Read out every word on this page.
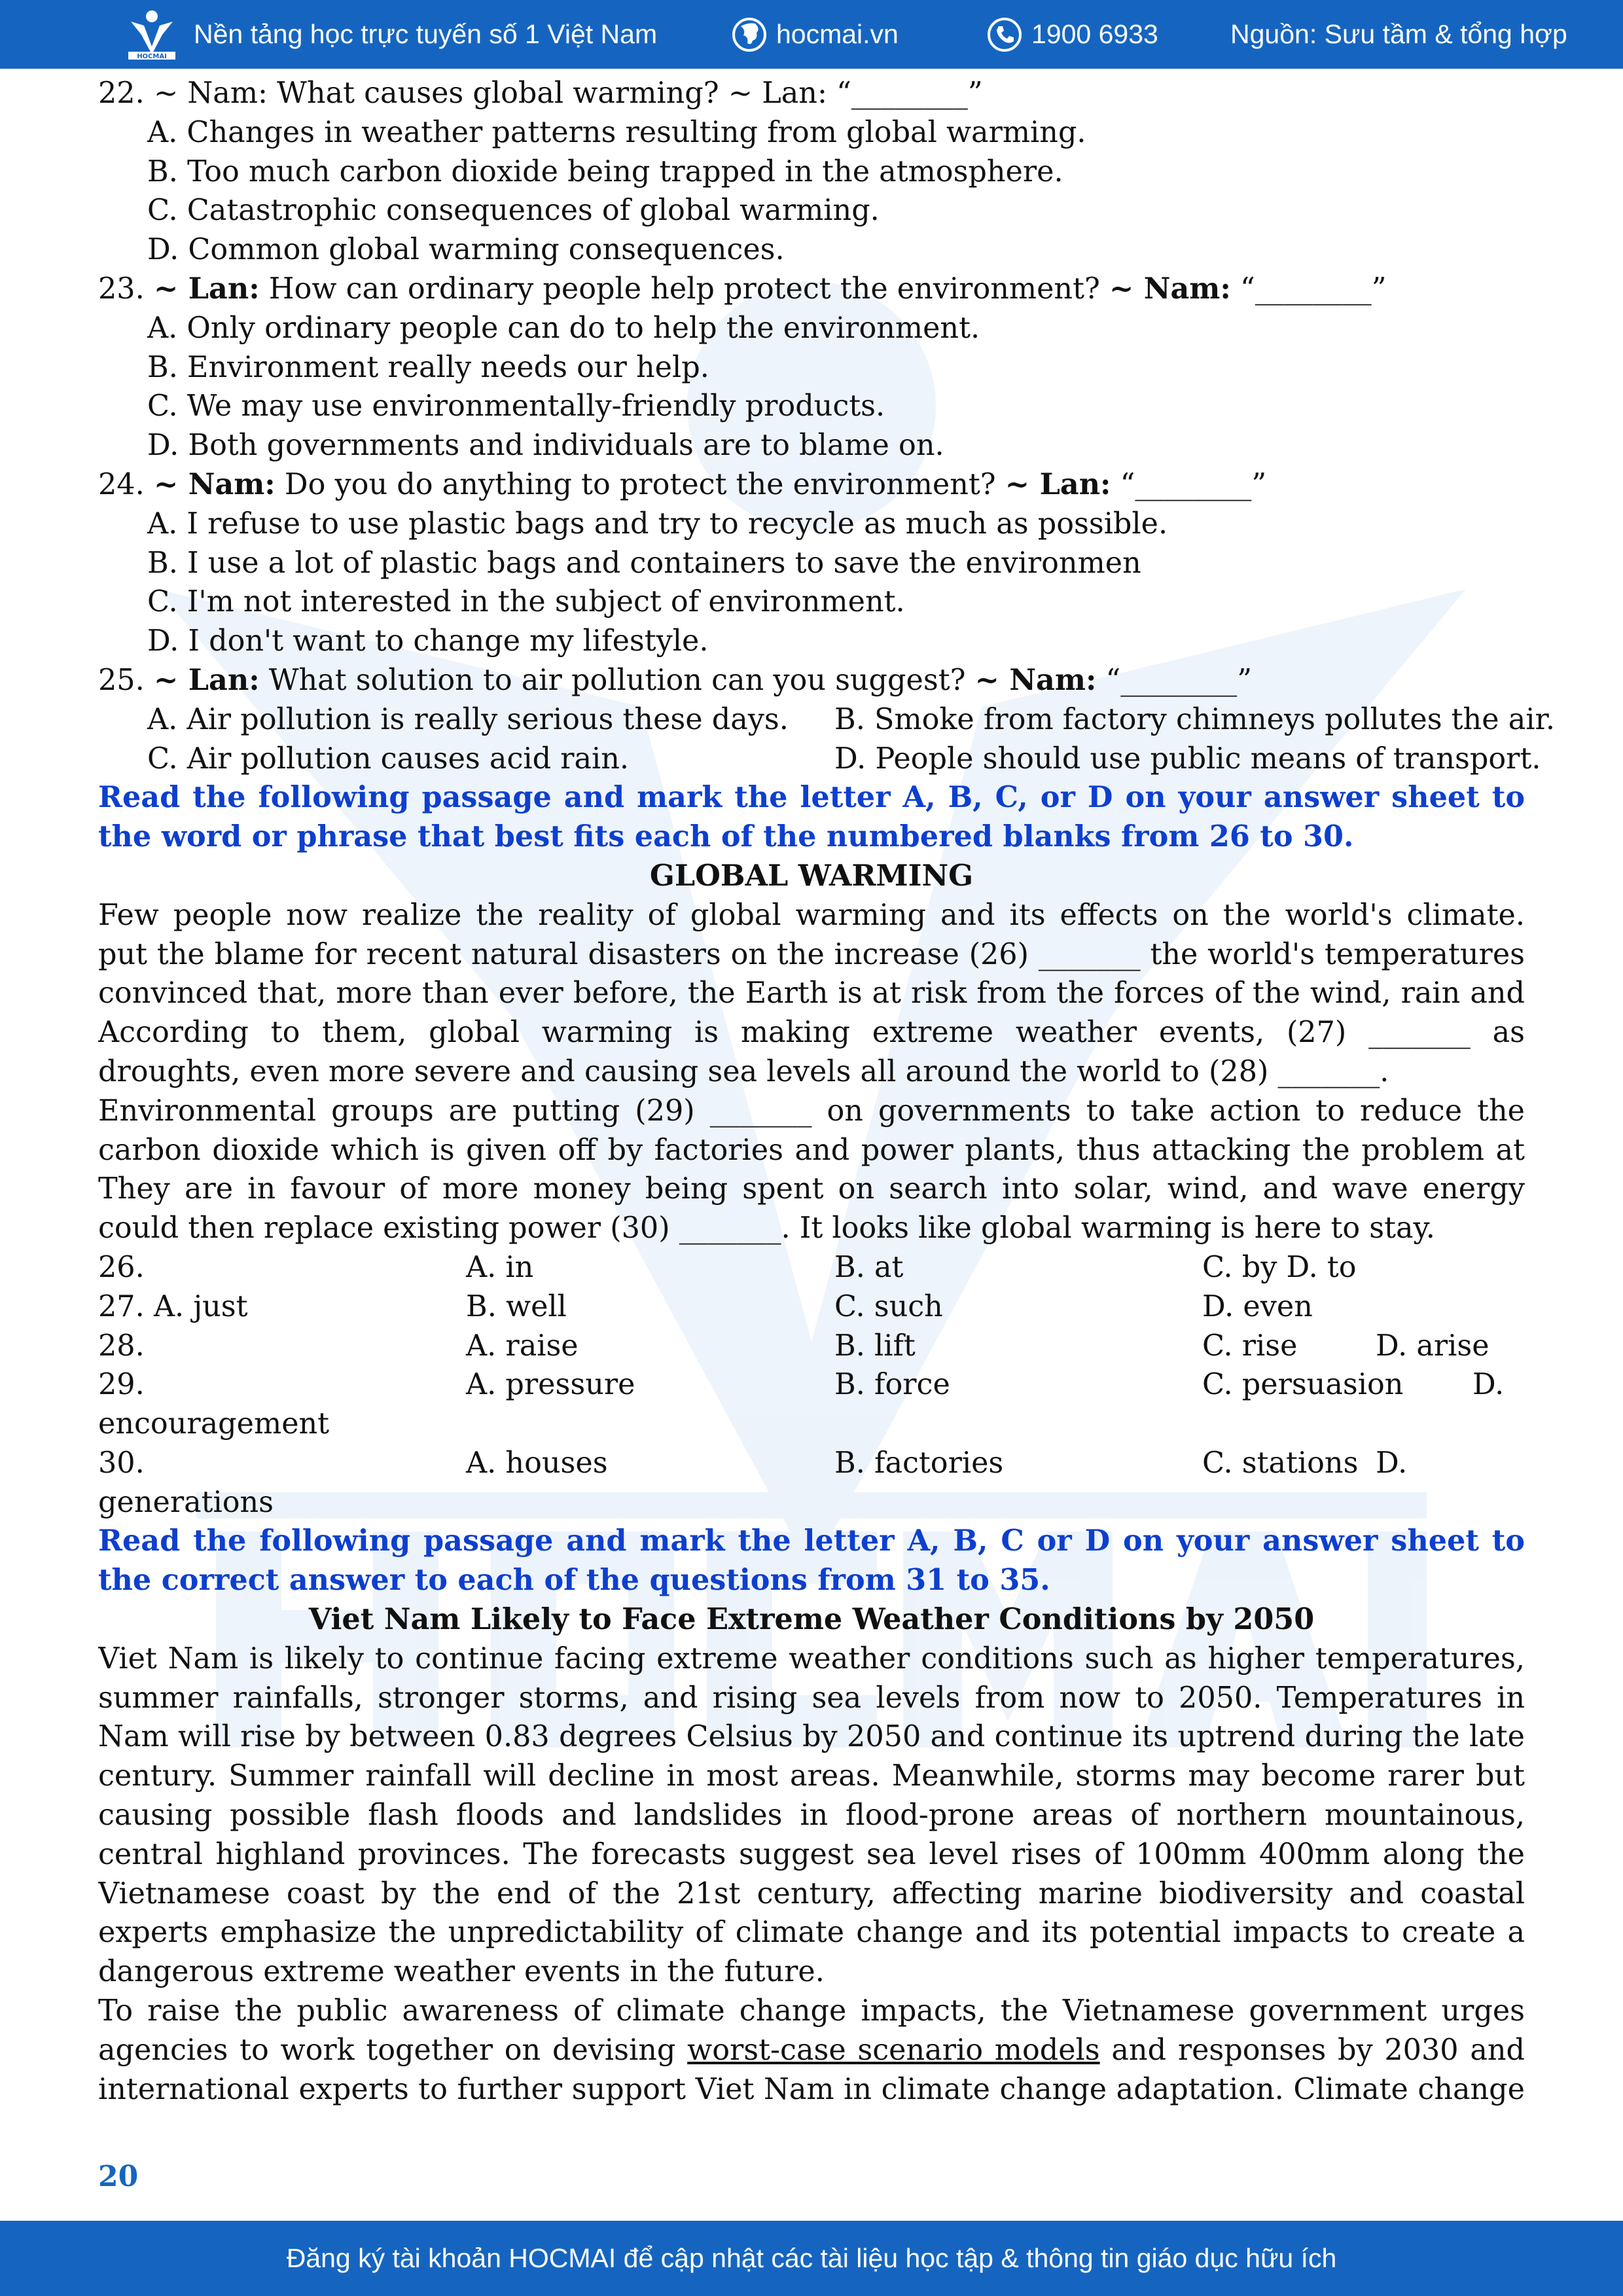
HOCMAI
Nền tảng học trực tuyến số 1 Việt Nam	hocmai.vn	1900 6933	Nguồn: Sưu tầm & tổng hợp
22. ~ Nam: What causes global warming? ~ Lan: “________”
A. Changes in weather patterns resulting from global warming.
B. Too much carbon dioxide being trapped in the atmosphere.
C. Catastrophic consequences of global warming.
D. Common global warming consequences.
23. ~ Lan: How can ordinary people help protect the environment? ~ Nam: “________”
A. Only ordinary people can do to help the environment.
B. Environment really needs our help.
C. We may use environmentally-friendly products.
D. Both governments and individuals are to blame on.
24. ~ Nam: Do you do anything to protect the environment? ~ Lan: “________”
A. I refuse to use plastic bags and try to recycle as much as possible.
B. I use a lot of plastic bags and containers to save the environmen
C. I'm not interested in the subject of environment.
D. I don't want to change my lifestyle.
25. ~ Lan: What solution to air pollution can you suggest? ~ Nam: “________”
A. Air pollution is really serious these days. B. Smoke from factory chimneys pollutes the air.
C. Air pollution causes acid rain.	D. People should use public means of transport.
Read the following passage and mark the letter A, B, C, or D on your answer sheet to
the word or phrase that best fits each of the numbered blanks from 26 to 30.
GLOBAL WARMING
Few people now realize the reality of global warming and its effects on the world's climate.
put the blame for recent natural disasters on the increase (26) _______ the world's temperatures
convinced that, more than ever before, the Earth is at risk from the forces of the wind, rain and
According to them, global warming is making extreme weather events, (27) _______ as
droughts, even more severe and causing sea levels all around the world to (28) _______.
Environmental groups are putting (29) _______ on governments to take action to reduce the
carbon dioxide which is given off by factories and power plants, thus attacking the problem at
They are in favour of more money being spent on search into solar, wind, and wave energy
could then replace existing power (30) _______. It looks like global warming is here to stay.
26.	A. in	B. at	C. by D. to
27. A. just	B. well	C. such	D. even
28.	A. raise	B. lift	C. rise	D. arise
29.	A. pressure	B. force	C. persuasion D.
encouragement
30.	A. houses	B. factories	C. stations D.
generations
Read the following passage and mark the letter A, B, C or D on your answer sheet to
the correct answer to each of the questions from 31 to 35.
Viet Nam Likely to Face Extreme Weather Conditions by 2050
Viet Nam is likely to continue facing extreme weather conditions such as higher temperatures,
summer rainfalls, stronger storms, and rising sea levels from now to 2050. Temperatures in
Nam will rise by between 0.83 degrees Celsius by 2050 and continue its uptrend during the late
century. Summer rainfall will decline in most areas. Meanwhile, storms may become rarer but
causing possible flash floods and landslides in flood-prone areas of northern mountainous,
central highland provinces. The forecasts suggest sea level rises of 100mm 400mm along the
Vietnamese coast by the end of the 21st century, affecting marine biodiversity and coastal
experts emphasize the unpredictability of climate change and its potential impacts to create a
dangerous extreme weather events in the future.
To raise the public awareness of climate change impacts, the Vietnamese government urges
agencies to work together on devising worst-case scenario models and responses by 2030 and
international experts to further support Viet Nam in climate change adaptation. Climate change
20
Đăng ký tài khoản HOCMAI để cập nhật các tài liệu học tập & thông tin giáo dục hữu ích
